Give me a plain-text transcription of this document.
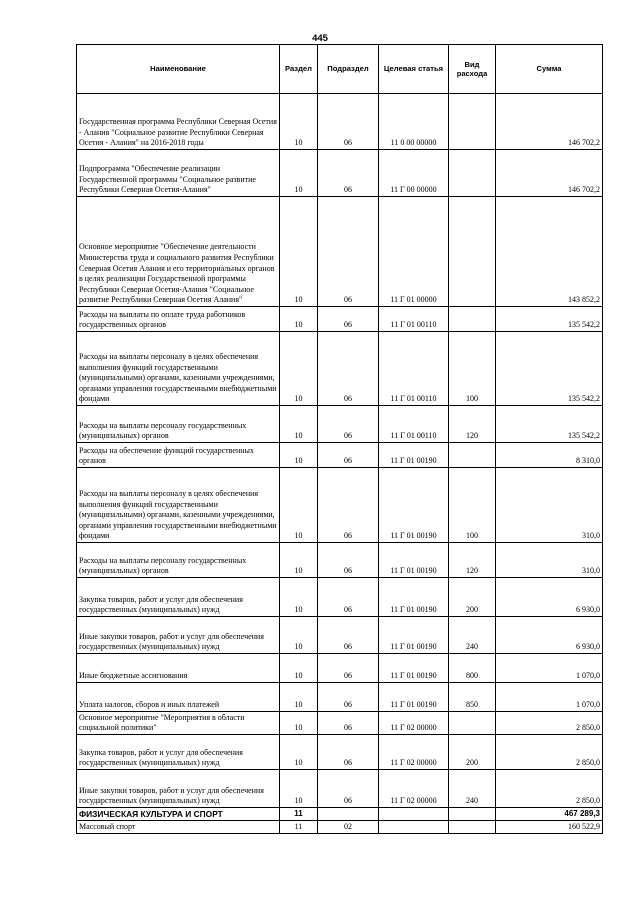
445
Наименование	Раздел	Подраздел	Целевая статья	Вид расхода	Сумма
Государственная программа Республики Северная Осетия - Алания "Социальное развитие Республики Северная Осетия - Алания" на 2016-2018 годы	10	06	11 0 00 00000		146 702,2
Подпрограмма "Обеспечение реализации Государственной программы "Социальное развитие Республики Северная Осетия-Алания"	10	06	11 Г 00 00000		146 702,2
Основное мероприятие "Обеспечение деятельности Министерства труда и социального развития Республики Северная Осетия Алания и его территориальных органов в целях реализации Государственной программы Республики Северная Осетия-Алания "Социальное развитие Республики Северная Осетия Алания"	10	06	11 Г 01 00000		143 852,2
Расходы на выплаты по оплате труда работников государственных органов	10	06	11 Г 01 00110		135 542,2
Расходы на выплаты персоналу в целях обеспечения выполнения функций государственными (муниципальными) органами, казенными учреждениями, органами управления государственными внебюджетными фондами	10	06	11 Г 01 00110	100	135 542,2
Расходы на выплаты персоналу государственных (муниципальных) органов	10	06	11 Г 01 00110	120	135 542,2
Расходы на обеспечение функций государственных органов	10	06	11 Г 01 00190		8 310,0
Расходы на выплаты персоналу в целях обеспечения выполнения функций государственными (муниципальными) органами, казенными учреждениями, органами управления государственными внебюджетными фондами	10	06	11 Г 01 00190	100	310,0
Расходы на выплаты персоналу государственных (муниципальных) органов	10	06	11 Г 01 00190	120	310,0
Закупка товаров, работ и услуг для обеспечения государственных (муниципальных) нужд	10	06	11 Г 01 00190	200	6 930,0
Иные закупки товаров, работ и услуг для обеспечения государственных (муниципальных) нужд	10	06	11 Г 01 00190	240	6 930,0
Иные бюджетные ассигнования	10	06	11 Г 01 00190	800	1 070,0
Уплата налогов, сборов и иных платежей	10	06	11 Г 01 00190	850	1 070,0
Основное мероприятие "Мероприятия в области социальной политики"	10	06	11 Г 02 00000		2 850,0
Закупка товаров, работ и услуг для обеспечения государственных (муниципальных) нужд	10	06	11 Г 02 00000	200	2 850,0
Иные закупки товаров, работ и услуг для обеспечения государственных (муниципальных) нужд	10	06	11 Г 02 00000	240	2 850,0
ФИЗИЧЕСКАЯ КУЛЬТУРА И СПОРТ	11				467 289,3
Массовый спорт	11	02			160 522,9
